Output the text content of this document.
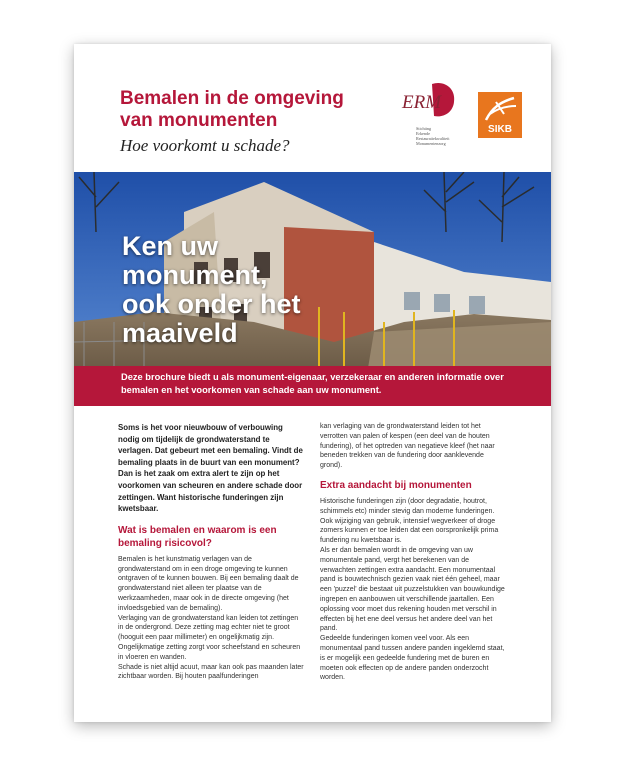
Bemalen in de omgeving van monumenten

Hoe voorkomt u schade?

ERM
Stichting
Erkende
Restauratiekwaliteit
Monumentenzorg
SIKB
Ken uw monument, ook onder het maaiveld
Deze brochure biedt u als monument-eigenaar, verzekeraar en anderen informatie over bemalen en het voorkomen van schade aan uw monument.

Soms is het voor nieuwbouw of verbouwing nodig om tijdelijk de grondwaterstand te verlagen. Dat gebeurt met een bemaling. Vindt de bemaling plaats in de buurt van een monument? Dan is het zaak om extra alert te zijn op het voorkomen van scheuren en andere schade door zettingen. Want historische funderingen zijn kwetsbaar.

Wat is bemalen en waarom is een bemaling risicovol?

Bemalen is het kunstmatig verlagen van de grondwaterstand om in een droge omgeving te kunnen ontgraven of te kunnen bouwen. Bij een bemaling daalt de grondwaterstand niet alleen ter plaatse van de werkzaamheden, maar ook in de directe omgeving (het invloedsgebied van de bemaling).

Verlaging van de grondwaterstand kan leiden tot zettingen in de ondergrond. Deze zetting mag echter niet te groot (hooguit een paar millimeter) en ongelijkmatig zijn. Ongelijkmatige zetting zorgt voor scheefstand en scheuren in vloeren en wanden.

Schade is niet altijd acuut, maar kan ook pas maanden later zichtbaar worden. Bij houten paalfunderingen

kan verlaging van de grondwaterstand leiden tot het verrotten van palen of kespen (een deel van de houten fundering), of het optreden van negatieve kleef (het naar beneden trekken van de fundering door aanklevende grond).

Extra aandacht bij monumenten

Historische funderingen zijn (door degradatie, houtrot, schimmels etc) minder stevig dan moderne funderingen. Ook wijziging van gebruik, intensief wegverkeer of droge zomers kunnen er toe leiden dat een oorspronkelijk prima fundering nu kwetsbaar is.

Als er dan bemalen wordt in de omgeving van uw monumentale pand, vergt het berekenen van de verwachten zettingen extra aandacht. Een monumentaal pand is bouwtechnisch gezien vaak niet één geheel, maar een 'puzzel' die bestaat uit puzzelstukken van bouwkundige ingrepen en aanbouwen uit verschillende jaartallen. Een oplossing voor moet dus rekening houden met verschil in effecten bij het ene deel versus het andere deel van het pand.

Gedeelde funderingen komen veel voor. Als een monumentaal pand tussen andere panden ingeklemd staat, is er mogelijk een gedeelde fundering met de buren en moeten ook effecten op de andere panden onderzocht worden.
